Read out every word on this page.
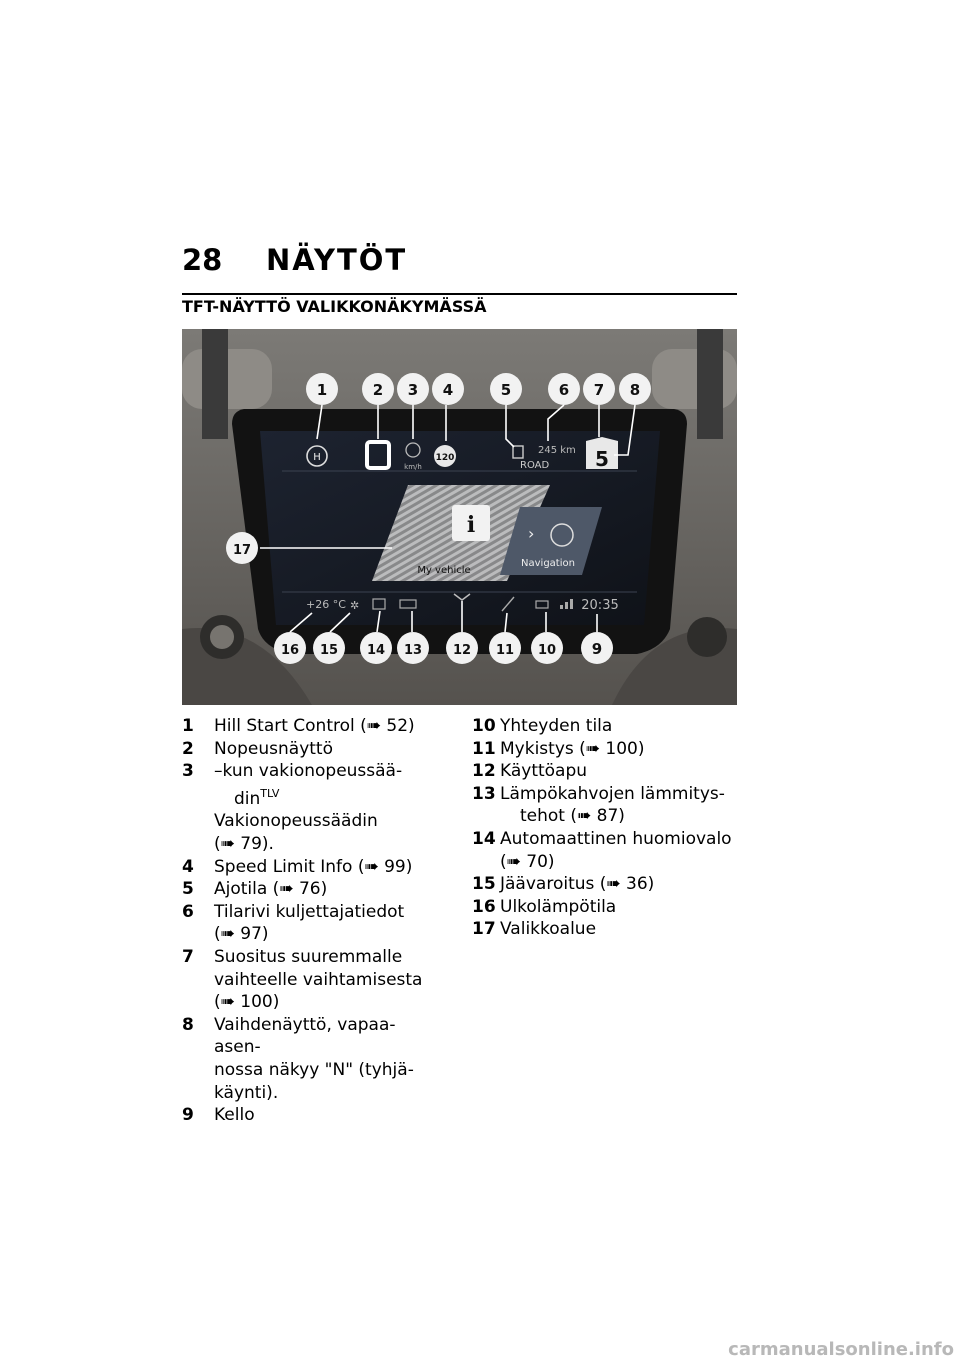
28 NÄYTÖT
TFT-NÄYTTÖ VALIKKONÄKYMÄSSÄ
H
km/h
120
245 km
ROAD 5
i
My vehicle
›
Navigation
+26 °C ✲	20:35
1	2 3 4	5	6 7 8
9
10
11
12
13
14
15
16
17
1 Hill Start Control (➠ 52)
2 Nopeusnäyttö
3 –kun vakionopeussää-
din$^{TLV}$
Vakionopeussäädin
(➠ 79).
4 Speed Limit Info (➠ 99)
5 Ajotila (➠ 76)
6 Tilarivi kuljettajatiedot
(➠ 97)
7 Suositus suuremmalle
vaihteelle vaihtamisesta
(➠ 100)
8 Vaihdenäyttö, vapaa-asen-
nossa näkyy "N" (tyhjä-
käynti).
9 Kello
10 Yhteyden tila
11 Mykistys (➠ 100)
12 Käyttöapu
13 Lämpökahvojen lämmitys-
tehot (➠ 87)
14 Automaattinen huomiovalo
(➠ 70)
15 Jäävaroitus (➠ 36)
16 Ulkolämpötila
17 Valikkoalue
carmanualsonline.info
